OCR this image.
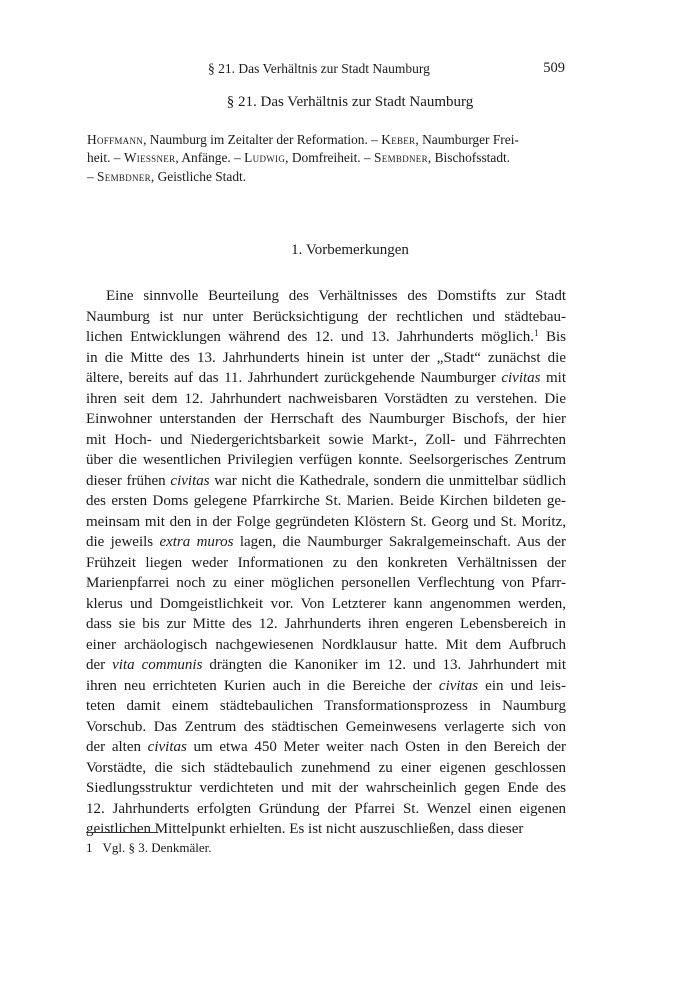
§ 21. Das Verhältnis zur Stadt Naumburg	509
§ 21. Das Verhältnis zur Stadt Naumburg
Hoffmann, Naumburg im Zeitalter der Reformation. – Keber, Naumburger Frei-
heit. – Wiessner, Anfänge. – Ludwig, Domfreiheit. – Sembdner, Bischofsstadt.
– Sembdner, Geistliche Stadt.
1. Vorbemerkungen
Eine sinnvolle Beurteilung des Verhältnisses des Domstifts zur Stadt
Naumburg ist nur unter Berücksichtigung der rechtlichen und städtebau-
lichen Entwicklungen während des 12. und 13. Jahrhunderts möglich.$^1$ Bis
in die Mitte des 13. Jahrhunderts hinein ist unter der „Stadt“ zunächst die
ältere, bereits auf das 11. Jahrhundert zurückgehende Naumburger civitas mit
ihren seit dem 12. Jahrhundert nachweisbaren Vorstädten zu verstehen. Die
Einwohner unterstanden der Herrschaft des Naumburger Bischofs, der hier
mit Hoch- und Niedergerichtsbarkeit sowie Markt-, Zoll- und Fährrechten
über die wesentlichen Privilegien verfügen konnte. Seelsorgerisches Zentrum
dieser frühen civitas war nicht die Kathedrale, sondern die unmittelbar südlich
des ersten Doms gelegene Pfarrkirche St. Marien. Beide Kirchen bildeten ge-
meinsam mit den in der Folge gegründeten Klöstern St. Georg und St. Moritz,
die jeweils extra muros lagen, die Naumburger Sakralgemeinschaft. Aus der
Frühzeit liegen weder Informationen zu den konkreten Verhältnissen der
Marienpfarrei noch zu einer möglichen personellen Verflechtung von Pfarr-
klerus und Domgeistlichkeit vor. Von Letzterer kann angenommen werden,
dass sie bis zur Mitte des 12. Jahrhunderts ihren engeren Lebensbereich in
einer archäologisch nachgewiesenen Nordklausur hatte. Mit dem Aufbruch
der vita communis drängten die Kanoniker im 12. und 13. Jahrhundert mit
ihren neu errichteten Kurien auch in die Bereiche der civitas ein und leis-
teten damit einem städtebaulichen Transformationsprozess in Naumburg
Vorschub. Das Zentrum des städtischen Gemeinwesens verlagerte sich von
der alten civitas um etwa 450 Meter weiter nach Osten in den Bereich der
Vorstädte, die sich städtebaulich zunehmend zu einer eigenen geschlossen
Siedlungsstruktur verdichteten und mit der wahrscheinlich gegen Ende des
12. Jahrhunderts erfolgten Gründung der Pfarrei St. Wenzel einen eigenen
geistlichen Mittelpunkt erhielten. Es ist nicht auszuschließen, dass dieser
1 Vgl. § 3. Denkmäler.
